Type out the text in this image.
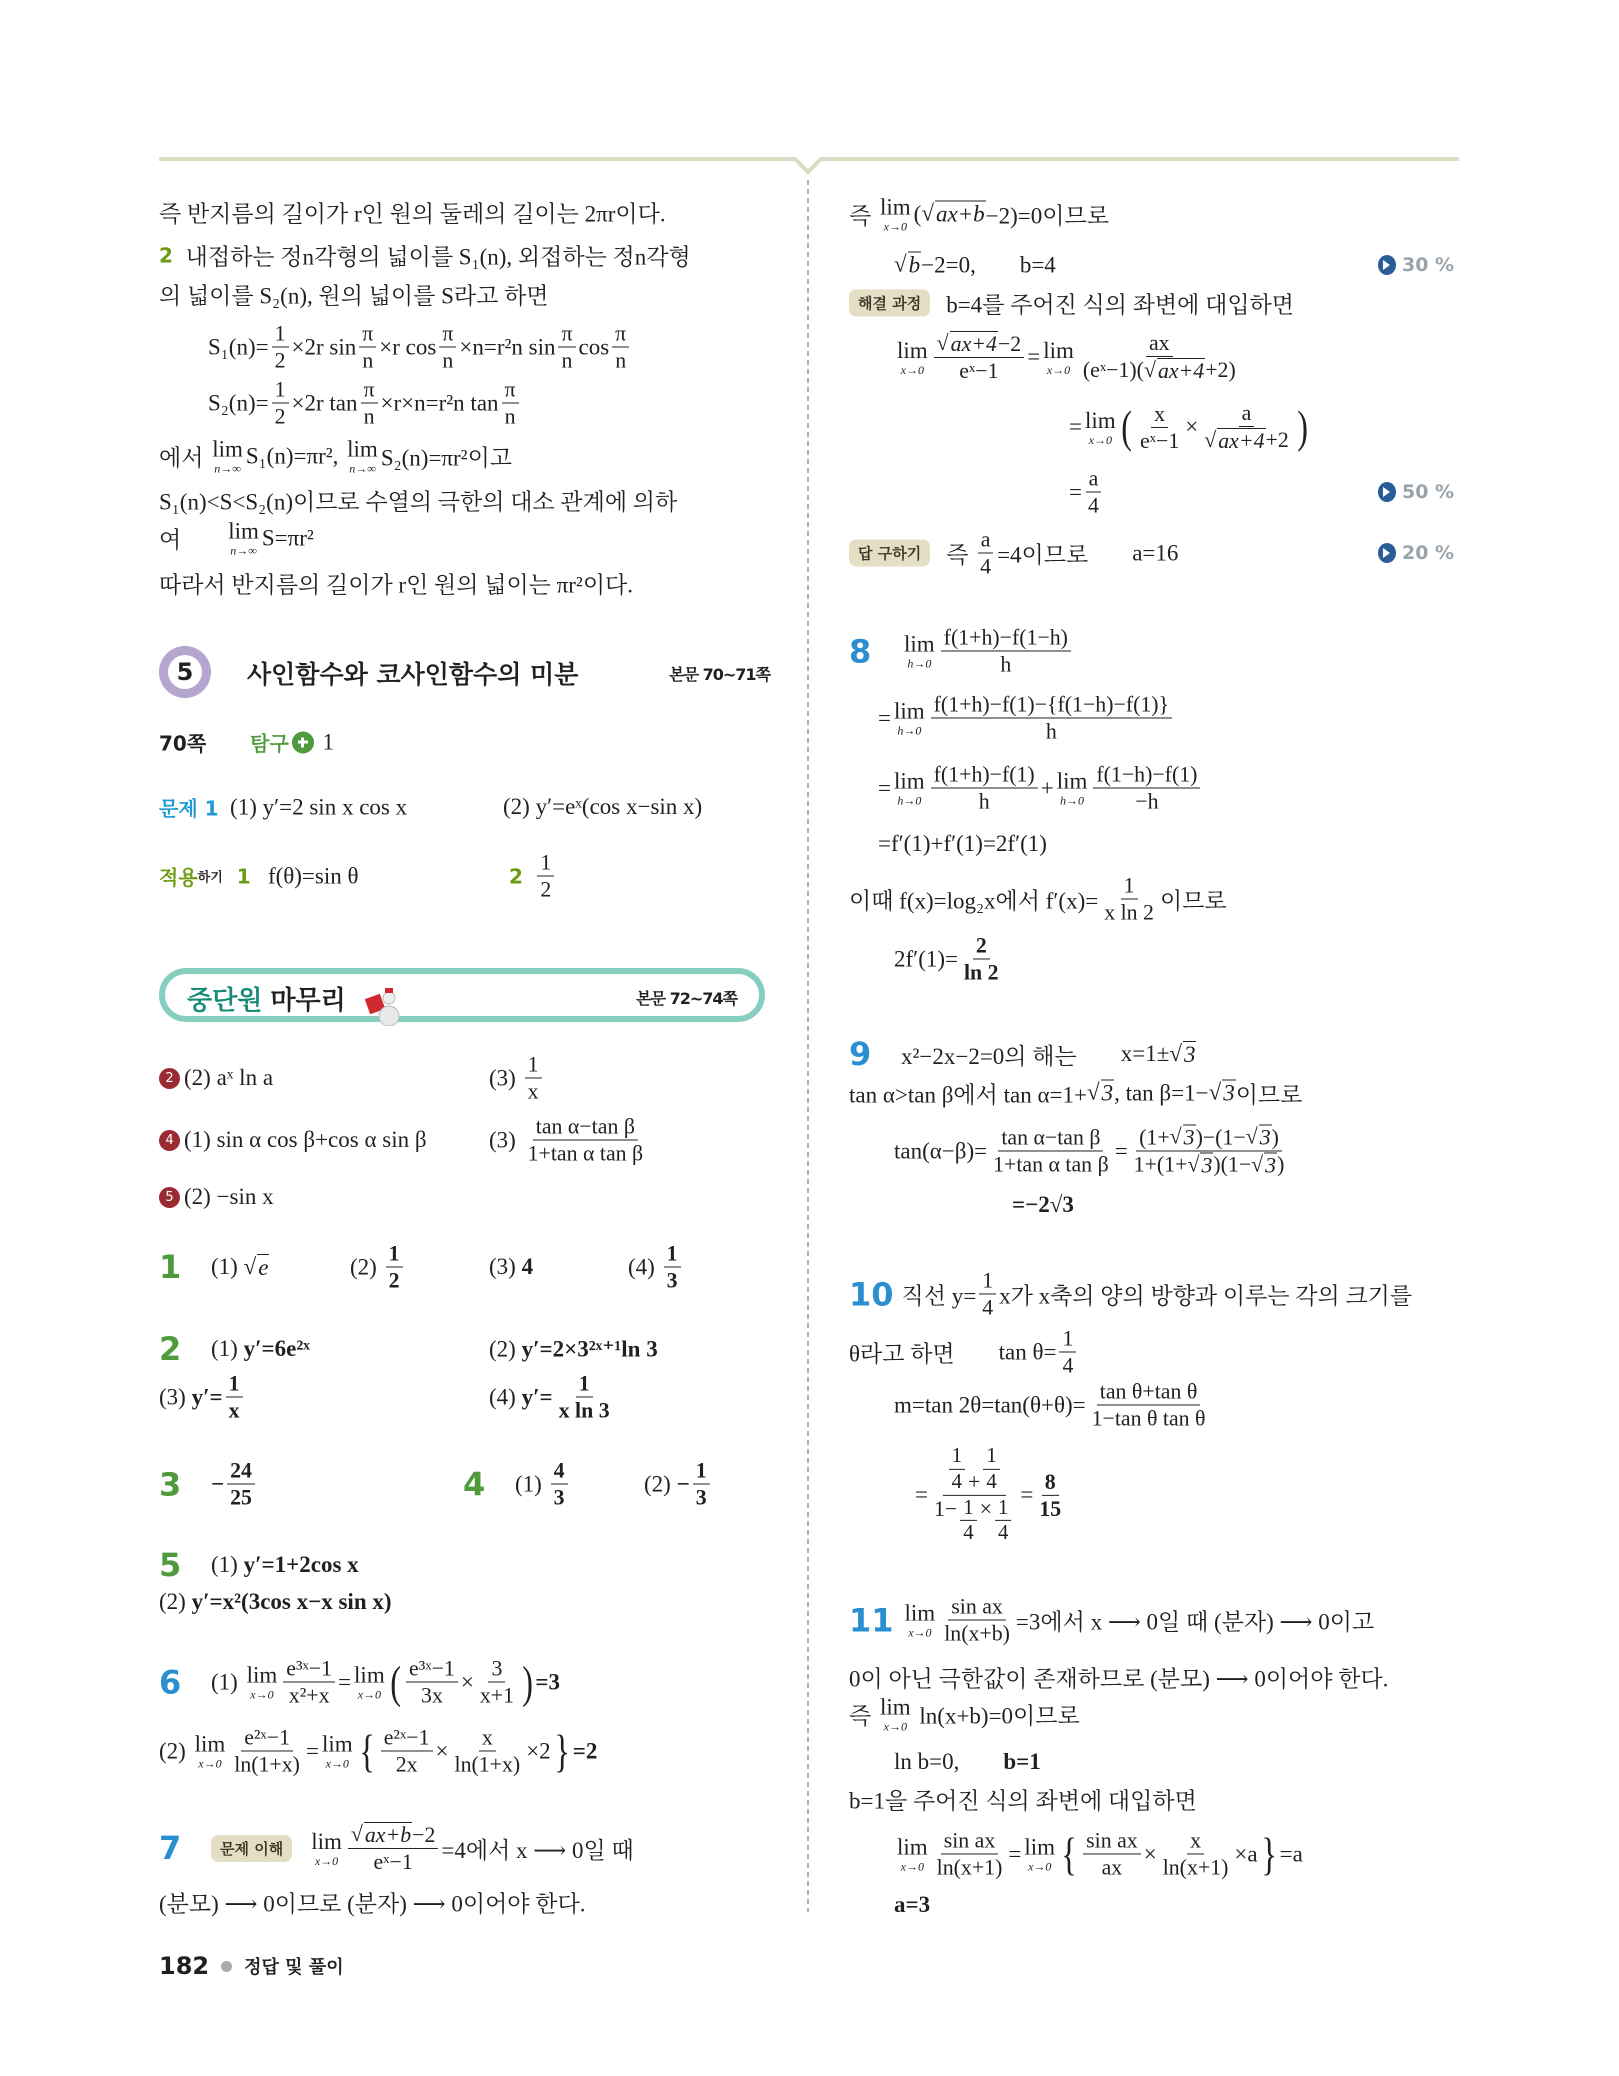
즉 반지름의 길이가 r인 원의 둘레의 길이는 2πr이다.
2 내접하는 정n각형의 넓이를 S₁(n), 외접하는 정n각형
의 넓이를 S₂(n), 원의 넓이를 S라고 하면
$S_1(n)= \frac{1}{2} \times 2r$ $\sin \frac{\pi}{n} \times r$ $\cos \frac{\pi}{n} \times n=r^2n$ $\sin \frac{\pi}{n}$ $\cos \frac{\pi}{n}$
$S_2(n)= \frac{1}{2} \times 2r$ $\tan \frac{\pi}{n} \times r\times n=r^2n$ $\tan \frac{\pi}{n}$
에서 lim
n→∞
S₁(n)=πr², lim
n→∞ S₂(n)=πr²이고
S₁(n)<S<S₂(n)이므로 수열의 극한의 대소 관계에 의하
여 lim
n→∞
S=πr²
따라서 반지름의 길이가 r인 원의 넓이는 πr²이다.
5	사인함수와 코사인함수의 미분	본문 70~71쪽
70쪽 탐구 1
문제 1 (1) y′=2 sin x cos x	(2) y′=eˣ(cos x−sin x)
적용 하기 1 f(θ)=sin θ	2
$\frac{1}{2}$
중단원 마무리	본문 72~74쪽
2 (2) aˣ ln a	$(3) \frac{1}{x}$
4 (1) sin α cos β+cos α sin β	$(3) \frac{\text{tan α−tan β}}{\text{1+tan α tan β}}$
5 (2) −sin x
1	(1) √ e	$(2) \frac{1}{2}$	(3) 4	$(4) \frac{1}{3}$
2	(1) y′=6e²ˣ	(2) y′=2×3²ˣ⁺¹ln 3
(3) $y'= \frac{1}{x}$	(4) $y'= \frac{1}{\text{x ln 3}}$
3	− $\frac{24}{25}$	4	$(1) \frac{4}{3}$	$(2) - \frac{1}{3}$
5	(1) y′=1+2cos x
(2) y′=x²(3cos x−x sin x)
6	(1) lim
$x\to 0 \frac{\text{e³ˣ−1}}{\text{x²+x}} = \lim$
x→0 ( $\frac{\text{e³ˣ−1}}{3x} \times \frac{3}{x+1}$ ) =3
(2) lim
$x\to 0 \frac{\text{e²ˣ−1}}{\ln(1+x)} = \lim$
x→0 { $\frac{\text{e²ˣ−1}}{2x} \times \frac{x}{\ln(1+x)} \times 2$ } =2
7	문제 이해	lim
x→0 √ $\frac{ax+b -2}{\text{eˣ−1}} =4$에서 x ⟶ 0일 때
(분모) ⟶ 0이므로 (분자) ⟶ 0이어야 한다.
182 정답 및 풀이
즉 lim
x→0
( √ ax+b −2)=0이므로
√ b −2=0, b=4	30 %
해결 과정	b=4를 주어진 식의 좌변에 대입하면
lim
x→0 √ $\frac{ax+4 -2}{\text{eˣ−1}} = \lim$
$x\to 0 \frac{ax}{\text{(eˣ−1)( √ ax+4 +2)}}$
= lim
x→0 ( $\frac{x}{\text{eˣ−1}} \times a$
√ ax+4 +2 )
= $\frac{a}{4}$	50 %
답 구하기	즉 $\frac{a}{4} =4$이므로 a=16	20 %
8	lim
$h\to 0 \frac{f(1+h)-f(1-h)}{h}$
= lim
$h\to 0 \frac{f(1+h)-f(1)-\{f(1-h)-f(1)\}}{h}$
= lim
$h\to 0 \frac{f(1+h)-f(1)}{h} + \lim$
$h\to 0 \frac{f(1-h)-f(1)}{-h}$
=f′(1)+f′(1)=2f′(1)
이때 f(x)=log₂x에서 $f'(x)= \frac{1}{\text{x ln 2}}$ 이므로
$2f'(1)= \frac{2}{\ln 2}$
9	x²−2x−2=0의 해는 x=1± √ 3
tan α>tan β에서 tan α=1+ √ 3 , tan β=1− √ 3 이므로
$\tan(\alpha-\beta)= \frac{\text{tan α−tan β}}{\text{1+tan α tan β}} = \frac{(1+ √ 3 )-(1- √ 3 )}{1+(1+ √ 3 )(1- √ 3 )}$
=−2√3
10 직선 $y= \frac{1}{4}$ x가 x축의 양의 방향과 이루는 각의 크기를
θ라고 하면 $\tan \theta= \frac{1}{4}$
m=tan $2\theta=\tan(\theta+\theta)= \frac{\text{tan θ+tan θ}}{\text{1−tan θ tan θ}}$
= $\frac{\frac{1}{4} + \frac{1}{4}}{1- \frac{1}{4} \times \frac{1}{4}} = \frac{8}{15}$
11 lim
$x\to 0 \frac{\text{sin ax}}{\ln(x+b)} =3$에서 x ⟶ 0일 때 (분자) ⟶ 0이고
0이 아닌 극한값이 존재하므로 (분모) ⟶ 0이어야 한다.
즉 lim
x→0 ln(x+b)=0이므로
ln b=0, b=1
b=1을 주어진 식의 좌변에 대입하면
lim
$x\to 0 \frac{\text{sin ax}}{\ln(x+1)} = \lim$
x→0 { $\frac{\text{sin ax}}{ax} \times \frac{x}{\ln(x+1)} \times a$ } =a
a=3
